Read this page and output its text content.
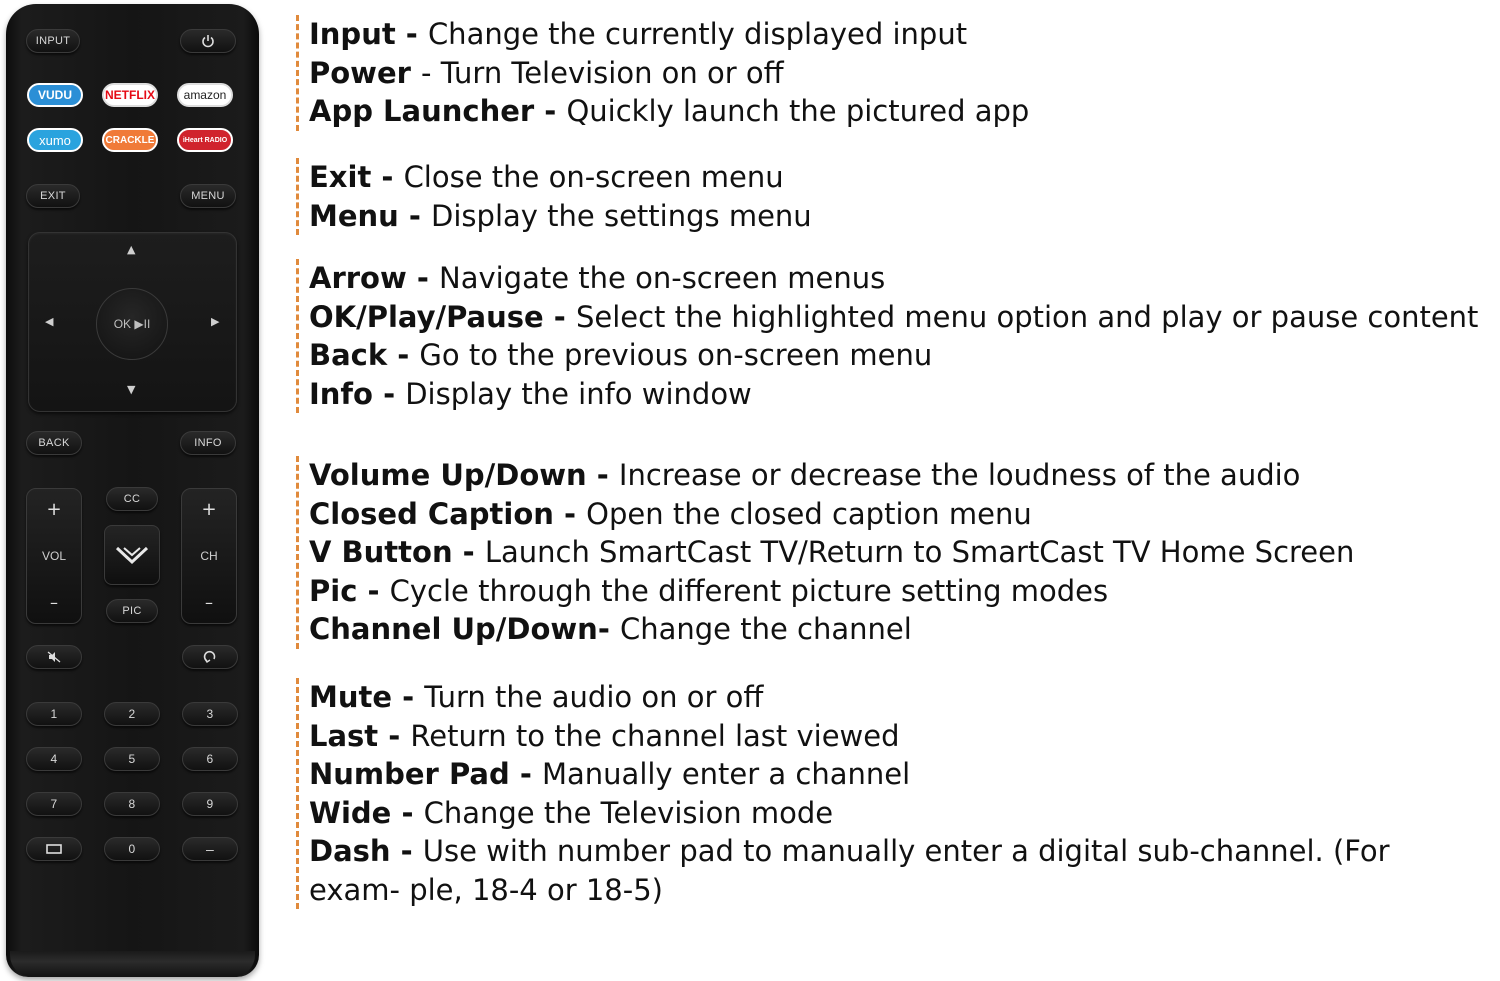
INPUT
VUDU	NETFLIX	amazon
xumo	CRACKLE	iHeart RADIO
EXIT	MENU
▲
▼
◀	▶
OK ▶II
BACK	INFO
+
VOL
–
+
CH
–
CC
PIC
1	2	3
4	5	6
7	8	9
0	–
Input - Change the currently displayed input
Power - Turn Television on or off
App Launcher - Quickly launch the pictured app
Exit - Close the on-screen menu
Menu - Display the settings menu
Arrow - Navigate the on-screen menus
OK/Play/Pause - Select the highlighted menu option and play or pause content
Back - Go to the previous on-screen menu
Info - Display the info window
Volume Up/Down - Increase or decrease the loudness of the audio
Closed Caption - Open the closed caption menu
V Button - Launch SmartCast TV/Return to SmartCast TV Home Screen
Pic - Cycle through the different picture setting modes
Channel Up/Down- Change the channel
Mute - Turn the audio on or off
Last - Return to the channel last viewed
Number Pad - Manually enter a channel
Wide - Change the Television mode
Dash - Use with number pad to manually enter a digital sub-channel. (For exam- ple, 18-4 or 18-5)
